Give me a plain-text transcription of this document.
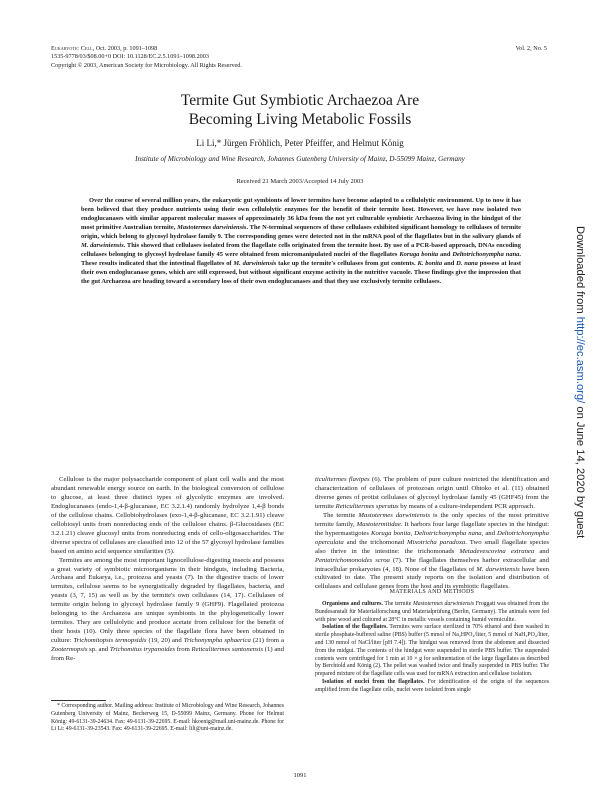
Eukaryotic Cell, Oct. 2003, p. 1091–1098
1535-9778/03/$08.00+0 DOI: 10.1128/EC.2.5.1091–1098.2003
Copyright © 2003, American Society for Microbiology. All Rights Reserved.
Vol. 2, No. 5
Termite Gut Symbiotic Archaezoa Are Becoming Living Metabolic Fossils
Li Li,* Jürgen Fröhlich, Peter Pfeiffer, and Helmut König
Institute of Microbiology and Wine Research, Johannes Gutenberg University of Mainz, D-55099 Mainz, Germany
Received 21 March 2003/Accepted 14 July 2003
Over the course of several million years, the eukaryotic gut symbionts of lower termites have become adapted to a cellulolytic environment. Up to now it has been believed that they produce nutrients using their own cellulolytic enzymes for the benefit of their termite host. However, we have now isolated two endoglucanases with similar apparent molecular masses of approximately 36 kDa from the not yet culturable symbiotic Archaezoa living in the hindgut of the most primitive Australian termite, Mastotermes darwiniensis. The N-terminal sequences of these cellulases exhibited significant homology to cellulases of termite origin, which belong to glycosyl hydrolase family 9. The corresponding genes were detected not in the mRNA pool of the flagellates but in the salivary glands of M. darwiniensis. This showed that cellulases isolated from the flagellate cells originated from the termite host. By use of a PCR-based approach, DNAs encoding cellulases belonging to glycosyl hydrolase family 45 were obtained from micromanipulated nuclei of the flagellates Koruga bonita and Deltotrichonympha nana. These results indicated that the intestinal flagellates of M. darwiniensis take up the termite's cellulases from gut contents. K. bonita and D. nana possess at least their own endoglucanase genes, which are still expressed, but without significant enzyme activity in the nutritive vacuole. These findings give the impression that the gut Archaezoa are heading toward a secondary loss of their own endoglucanases and that they use exclusively termite cellulases.

Cellulose is the major polysaccharide component of plant cell walls and the most abundant renewable energy source on earth. In the biological conversion of cellulose to glucose, at least three distinct types of glycolytic enzymes are involved. Endoglucanases (endo-1,4-β-glucanase, EC 3.2.1.4) randomly hydrolyze 1,4-β bonds of the cellulose chains. Cellobiohydrolases (exo-1,4-β-glucanase, EC 3.2.1.91) cleave cellobiosyl units from nonreducing ends of the cellulose chains. β-Glucosidases (EC 3.2.1.21) cleave glucosyl units from nonreducing ends of cello-oligosaccharides. The diverse spectra of cellulases are classified into 12 of the 57 glycosyl hydrolase families based on amino acid sequence similarities (5).

Termites are among the most important lignocellulose-digesting insects and possess a great variety of symbiotic microorganisms in their hindguts, including Bacteria, Archaea and Eukarya, i.e., protozoa and yeasts (7). In the digestive tracts of lower termites, cellulose seems to be synergistically degraded by flagellates, bacteria, and yeasts (3, 7, 15) as well as by the termite's own cellulases (14, 17). Cellulases of termite origin belong to glycosyl hydrolase family 9 (GHF9). Flagellated protozoa belonging to the Archaezoa are unique symbionts in the phylogenetically lower termites. They are cellulolytic and produce acetate from cellulose for the benefit of their hosts (10). Only three species of the flagellate flora have been obtained in culture: Trichomitopsis termopsidis (19, 20) and Trichonympha sphaerica (21) from a Zootermopsis sp. and Trichomitus trypanoides from Reticulitermes santonensis (1) and from Re-

* Corresponding author. Mailing address: Institute of Microbiology and Wine Research, Johannes Gutenberg University of Mainz, Becherweg 15, D-55099 Mainz, Germany. Phone for Helmut König: 49-6131-39-24634. Fax: 49-6131-39-22695. E-mail: hkoenig@mail.uni-mainz.de. Phone for Li Li: 49-6131-39-23543. Fax: 49-6131-39-22695. E-mail: lili@uni-mainz.de.

ticulitermes flavipes (6). The problem of pure culture restricted the identification and characterization of cellulases of protozoan origin until Ohtoko et al. (11) obtained diverse genes of protist cellulases of glycosyl hydrolase family 45 (GHF45) from the termite Reticulitermes speratus by means of a culture-independent PCR approach.

The termite Mastotermes darwiniensis is the only species of the most primitive termite family, Mastotermitidae. It harbors four large flagellate species in the hindgut: the hypermastigotes Koruga bonita, Deltotrichonympha nana, and Deltotrichonympha operculata and the trichomonad Mixotricha paradoxa. Two small flagellate species also thrive in the intestine: the trichomonads Metadevescovina extranea and Pentatrichomonoides scroa (7). The flagellates themselves harbor extracellular and intracellular prokaryotes (4, 18). None of the flagellates of M. darwiniensis have been cultivated to date. The present study reports on the isolation and distribution of cellulases and cellulase genes from the host and its symbiotic flagellates.

MATERIALS AND METHODS

Organisms and cultures. The termite Mastotermes darwiniensis Froggatt was obtained from the Bundesanstalt für Materialforschung und Materialprüfung (Berlin, Germany). The animals were fed with pine wood and cultured at 28°C in metallic vessels containing humid vermiculite.

Isolation of the flagellates. Termites were surface sterilized in 70% ethanol and then washed in sterile phosphate-buffered saline (PBS) buffer (5 mmol of Na₂HPO₄/liter, 5 mmol of NaH₂PO₄/liter, and 130 mmol of NaCl/liter [pH 7.4]). The hindgut was removed from the abdomen and dissected from the midgut. The contents of the hindgut were suspended in sterile PBS buffer. The suspended contents were centrifuged for 1 min at 10 × g for sedimentation of the large flagellates as described by Berchtold and König (2). The pellet was washed twice and finally suspended in PBS buffer. The prepared mixture of the flagellate cells was used for mRNA extraction and cellulase isolation.

Isolation of nuclei from the flagellates. For identification of the origin of the sequences amplified from the flagellate cells, nuclei were isolated from single

1091
Downloaded from http://ec.asm.org/ on June 14, 2020 by guest
